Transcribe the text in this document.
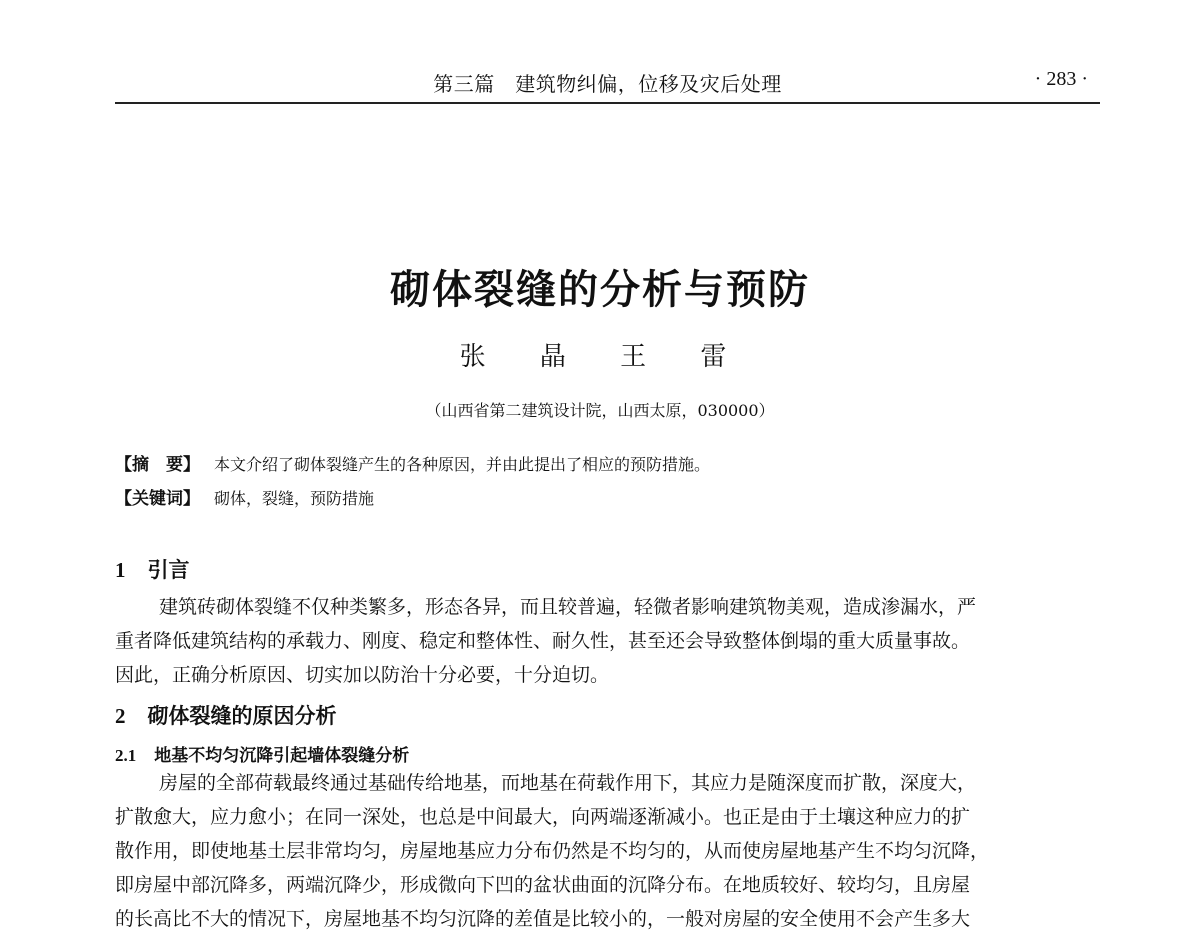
第三篇　建筑物纠偏，位移及灾后处理	· 283 ·
砌体裂缝的分析与预防
张 晶 王 雷
（山西省第二建筑设计院，山西太原，030000）
【摘　要】 本文介绍了砌体裂缝产生的各种原因，并由此提出了相应的预防措施。
【关键词】 砌体，裂缝，预防措施
1 引言
建筑砖砌体裂缝不仅种类繁多，形态各异，而且较普遍，轻微者影响建筑物美观，造成渗漏水，严
重者降低建筑结构的承载力、刚度、稳定和整体性、耐久性，甚至还会导致整体倒塌的重大质量事故。
因此，正确分析原因、切实加以防治十分必要，十分迫切。
2 砌体裂缝的原因分析
2.1 地基不均匀沉降引起墙体裂缝分析
房屋的全部荷载最终通过基础传给地基，而地基在荷载作用下，其应力是随深度而扩散，深度大，
扩散愈大，应力愈小；在同一深处，也总是中间最大，向两端逐渐减小。也正是由于土壤这种应力的扩
散作用，即使地基土层非常均匀，房屋地基应力分布仍然是不均匀的，从而使房屋地基产生不均匀沉降，
即房屋中部沉降多，两端沉降少，形成微向下凹的盆状曲面的沉降分布。在地质较好、较均匀，且房屋
的长高比不大的情况下，房屋地基不均匀沉降的差值是比较小的，一般对房屋的安全使用不会产生多大
